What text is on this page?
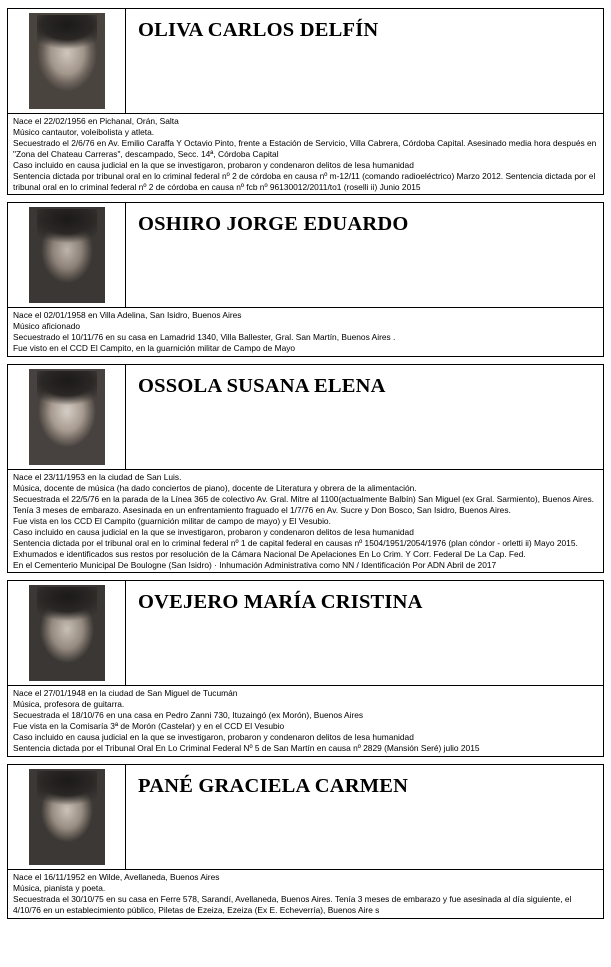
OLIVA CARLOS DELFÍN

Nace el 22/02/1956 en Pichanal, Orán, Salta

Músico cantautor, voleibolista y atleta.

Secuestrado el 2/6/76 en Av. Emilio Caraffa Y Octavio Pinto, frente a Estación de Servicio, Villa Cabrera, Córdoba Capital. Asesinado media hora después en "Zona del Chateau Carreras", descampado, Secc. 14ª, Córdoba Capital

Caso incluido en causa judicial en la que se investigaron, probaron y condenaron delitos de lesa humanidad

Sentencia dictada por tribunal oral en lo criminal federal nº 2 de córdoba en causa nº m-12/11 (comando radioeléctrico) Marzo 2012. Sentencia dictada por el tribunal oral en lo criminal federal nº 2 de córdoba en causa nº fcb nº 96130012/2011/to1 (roselli ii) Junio 2015

OSHIRO JORGE EDUARDO

Nace el 02/01/1958 en Villa Adelina, San Isidro, Buenos Aires

Músico aficionado

Secuestrado el 10/11/76 en su casa en Lamadrid 1340, Villa Ballester, Gral. San Martín, Buenos Aires .

Fue visto en el CCD El Campito, en la guarnición militar de Campo de Mayo

OSSOLA SUSANA ELENA

Nace el 23/11/1953 en la ciudad de San Luis.

Música, docente de música (ha dado conciertos de piano), docente de Literatura y obrera de la alimentación.

Secuestrada el 22/5/76 en la parada de la Línea 365 de colectivo Av. Gral. Mitre al 1100(actualmente Balbín) San Miguel (ex Gral. Sarmiento), Buenos Aires. Tenía 3 meses de embarazo. Asesinada en un enfrentamiento fraguado el 1/7/76 en Av. Sucre y Don Bosco, San Isidro, Buenos Aires.

Fue vista en los CCD El Campito (guarnición militar de campo de mayo) y El Vesubio.

Caso incluido en causa judicial en la que se investigaron, probaron y condenaron delitos de lesa humanidad

Sentencia dictada por el tribunal oral en lo criminal federal nº 1 de capital federal en causas nº 1504/1951/2054/1976 (plan cóndor - orletti ii) Mayo 2015. Exhumados e identificados sus restos por resolución de la Cámara Nacional De Apelaciones En Lo Crim. Y Corr. Federal De La Cap. Fed.

En el Cementerio Municipal De Boulogne (San Isidro) · Inhumación Administrativa como NN / Identificación Por ADN Abril de 2017

OVEJERO MARÍA CRISTINA

Nace el 27/01/1948 en la ciudad de San Miguel de Tucumán

Música, profesora de guitarra.

Secuestrada el 18/10/76 en una casa en Pedro Zanni 730, Ituzaingó (ex Morón), Buenos Aires

Fue vista en la Comisaría 3ª de Morón (Castelar) y en el CCD El Vesubio

Caso incluido en causa judicial en la que se investigaron, probaron y condenaron delitos de lesa humanidad

Sentencia dictada por el Tribunal Oral En Lo Criminal Federal Nº 5 de San Martín en causa nº 2829 (Mansión Seré) julio 2015

PANÉ GRACIELA CARMEN

Nace el 16/11/1952 en Wilde, Avellaneda, Buenos Aires

Música, pianista y poeta.

Secuestrada el 30/10/75 en su casa en Ferre 578, Sarandí, Avellaneda, Buenos Aires. Tenía 3 meses de embarazo y fue asesinada al día siguiente, el 4/10/76 en un establecimiento público, Piletas de Ezeiza, Ezeiza (Ex E. Echeverría), Buenos Aire s
